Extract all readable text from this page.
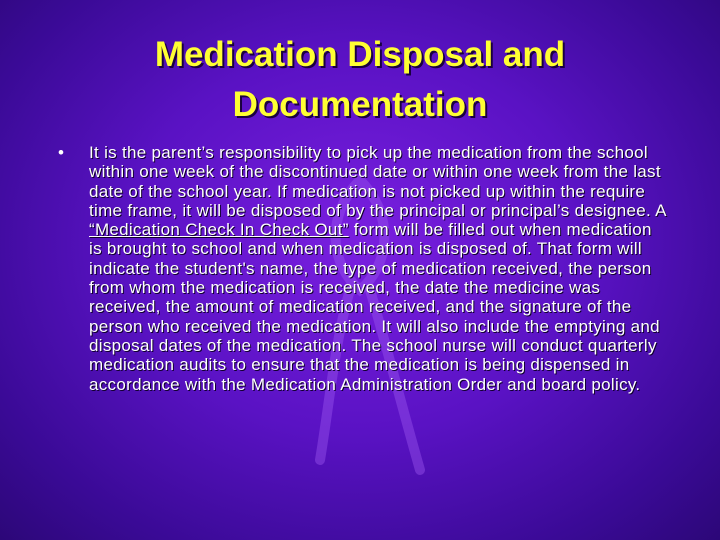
Medication Disposal and
Documentation
• It is the parent’s responsibility to pick up the medication from the school within one week of the discontinued date or within one week from the last date of the school year. If medication is not picked up within the require time frame, it will be disposed of by the principal or principal’s designee. A “Medication Check In Check Out” form will be filled out when medication is brought to school and when medication is disposed of. That form will indicate the student's name, the type of medication received, the person from whom the medication is received, the date the medicine was received, the amount of medication received, and the signature of the person who received the medication. It will also include the emptying and disposal dates of the medication. The school nurse will conduct quarterly medication audits to ensure that the medication is being dispensed in accordance with the Medication Administration Order and board policy.
